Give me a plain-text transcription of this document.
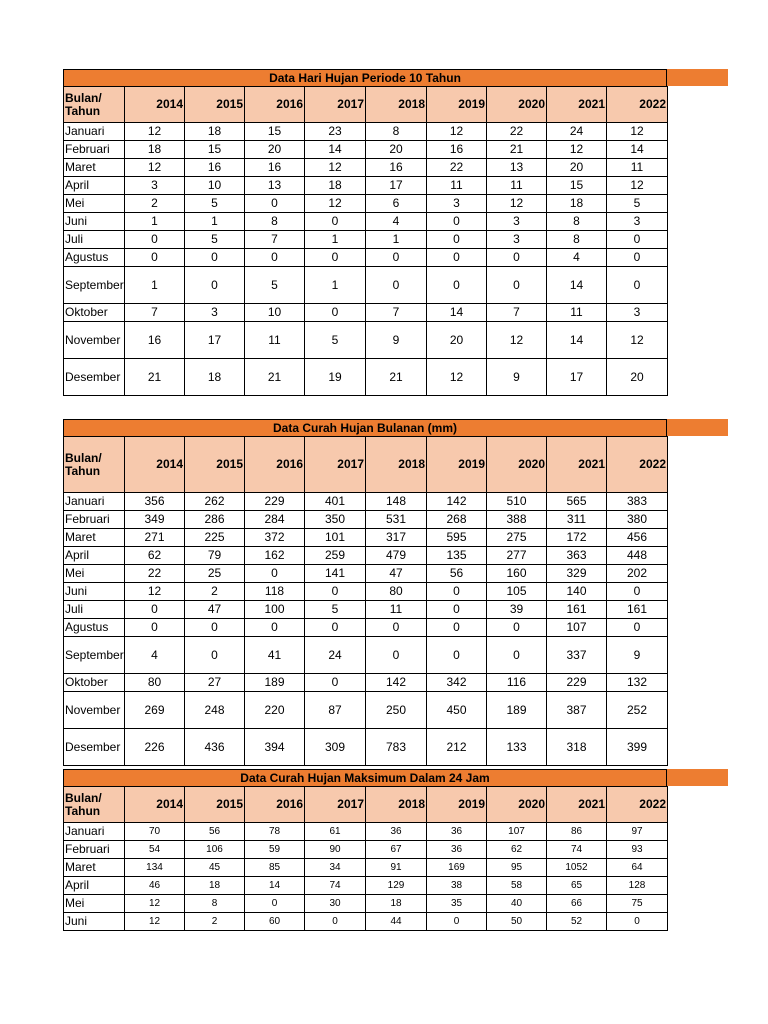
Data Hari Hujan Periode 10 Tahun
Bulan/ Tahun	2014	2015	2016	2017	2018	2019	2020	2021	2022
Januari	12	18	15	23	8	12	22	24	12
Februari	18	15	20	14	20	16	21	12	14
Maret	12	16	16	12	16	22	13	20	11
April	3	10	13	18	17	11	11	15	12
Mei	2	5	0	12	6	3	12	18	5
Juni	1	1	8	0	4	0	3	8	3
Juli	0	5	7	1	1	0	3	8	0
Agustus	0	0	0	0	0	0	0	4	0
September	1	0	5	1	0	0	0	14	0
Oktober	7	3	10	0	7	14	7	11	3
November	16	17	11	5	9	20	12	14	12
Desember	21	18	21	19	21	12	9	17	20
Data Curah Hujan Bulanan (mm)
Bulan/ Tahun	2014	2015	2016	2017	2018	2019	2020	2021	2022
Januari	356	262	229	401	148	142	510	565	383
Februari	349	286	284	350	531	268	388	311	380
Maret	271	225	372	101	317	595	275	172	456
April	62	79	162	259	479	135	277	363	448
Mei	22	25	0	141	47	56	160	329	202
Juni	12	2	118	0	80	0	105	140	0
Juli	0	47	100	5	11	0	39	161	161
Agustus	0	0	0	0	0	0	0	107	0
September	4	0	41	24	0	0	0	337	9
Oktober	80	27	189	0	142	342	116	229	132
November	269	248	220	87	250	450	189	387	252
Desember	226	436	394	309	783	212	133	318	399
Data Curah Hujan Maksimum Dalam 24 Jam
Bulan/ Tahun	2014	2015	2016	2017	2018	2019	2020	2021	2022
Januari	70	56	78	61	36	36	107	86	97
Februari	54	106	59	90	67	36	62	74	93
Maret	134	45	85	34	91	169	95	1052	64
April	46	18	14	74	129	38	58	65	128
Mei	12	8	0	30	18	35	40	66	75
Juni	12	2	60	0	44	0	50	52	0
